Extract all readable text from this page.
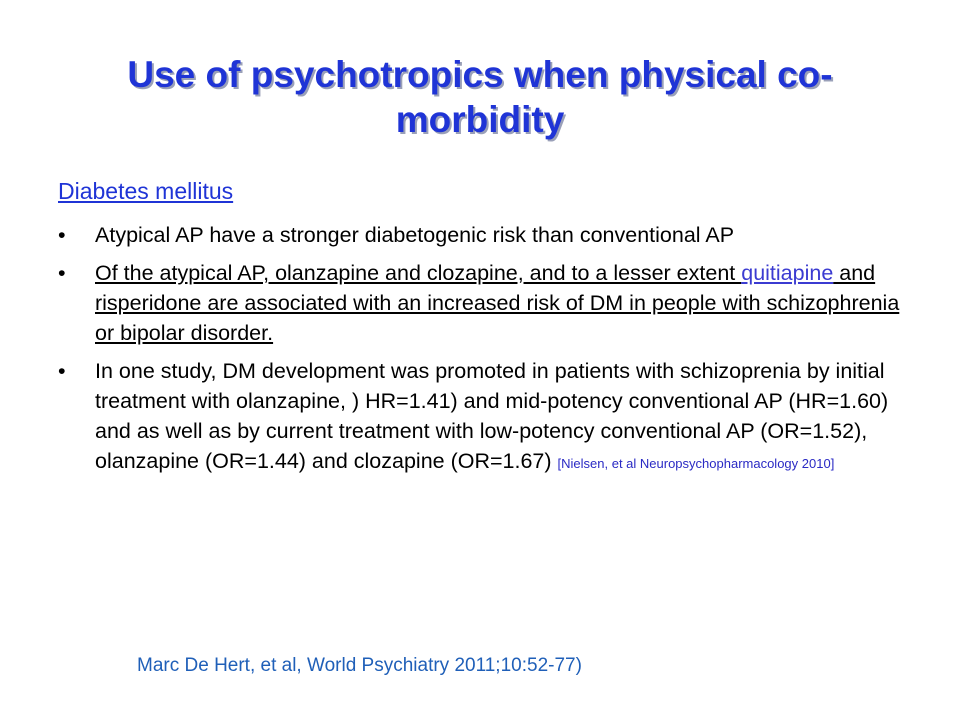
Use of psychotropics when physical co-
morbidity
Diabetes mellitus
•	Atypical AP have a stronger diabetogenic risk than conventional AP
•	Of the atypical AP, olanzapine and clozapine, and to a lesser extent quitiapine and risperidone are associated with an increased risk of DM in people with schizophrenia or bipolar disorder.
•	In one study, DM development was promoted in patients with schizoprenia by initial treatment with olanzapine, ) HR=1.41) and mid-potency conventional AP (HR=1.60) and as well as by current treatment with low-potency conventional AP (OR=1.52), olanzapine (OR=1.44) and clozapine (OR=1.67) [Nielsen, et al Neuropsychopharmacology 2010]
Marc De Hert, et al, World Psychiatry 2011;10:52-77)
